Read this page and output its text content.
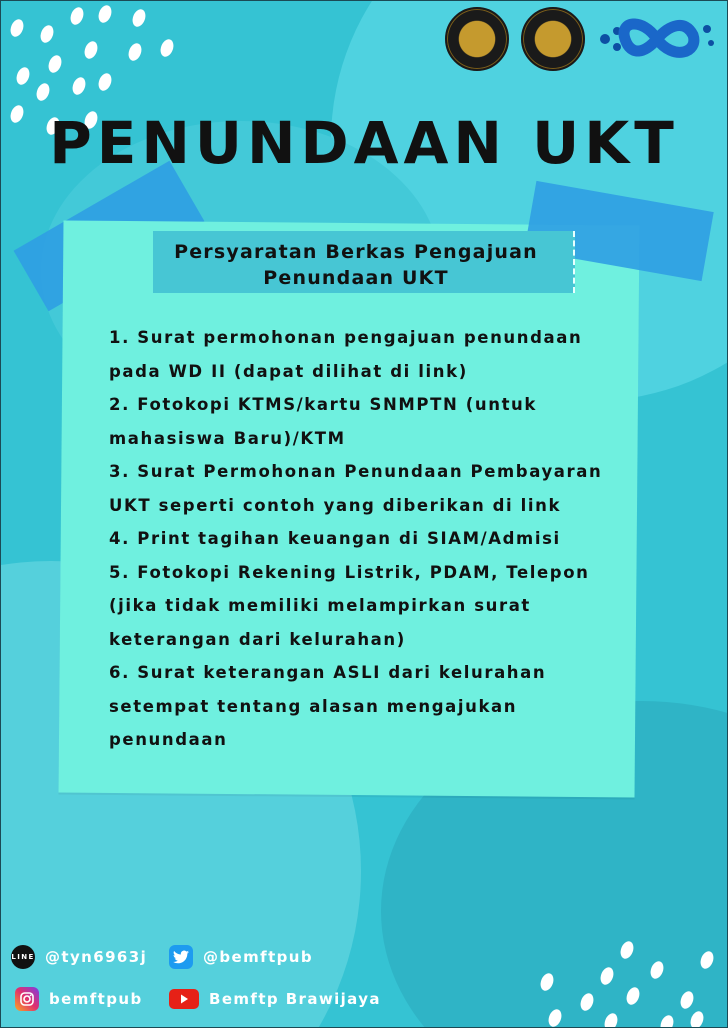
PENUNDAAN UKT
Persyaratan Berkas Pengajuan
Penundaan UKT
1. Surat permohonan pengajuan penundaan
pada WD II (dapat dilihat di link)
2. Fotokopi KTMS/kartu SNMPTN (untuk
mahasiswa Baru)/KTM
3. Surat Permohonan Penundaan Pembayaran
UKT seperti contoh yang diberikan di link
4. Print tagihan keuangan di SIAM/Admisi
5. Fotokopi Rekening Listrik, PDAM, Telepon
(jika tidak memiliki melampirkan surat
keterangan dari kelurahan)
6. Surat keterangan ASLI dari kelurahan
setempat tentang alasan mengajukan
penundaan
LINE @tyn6963j	@bemftpub
bemftpub	Bemftp Brawijaya
